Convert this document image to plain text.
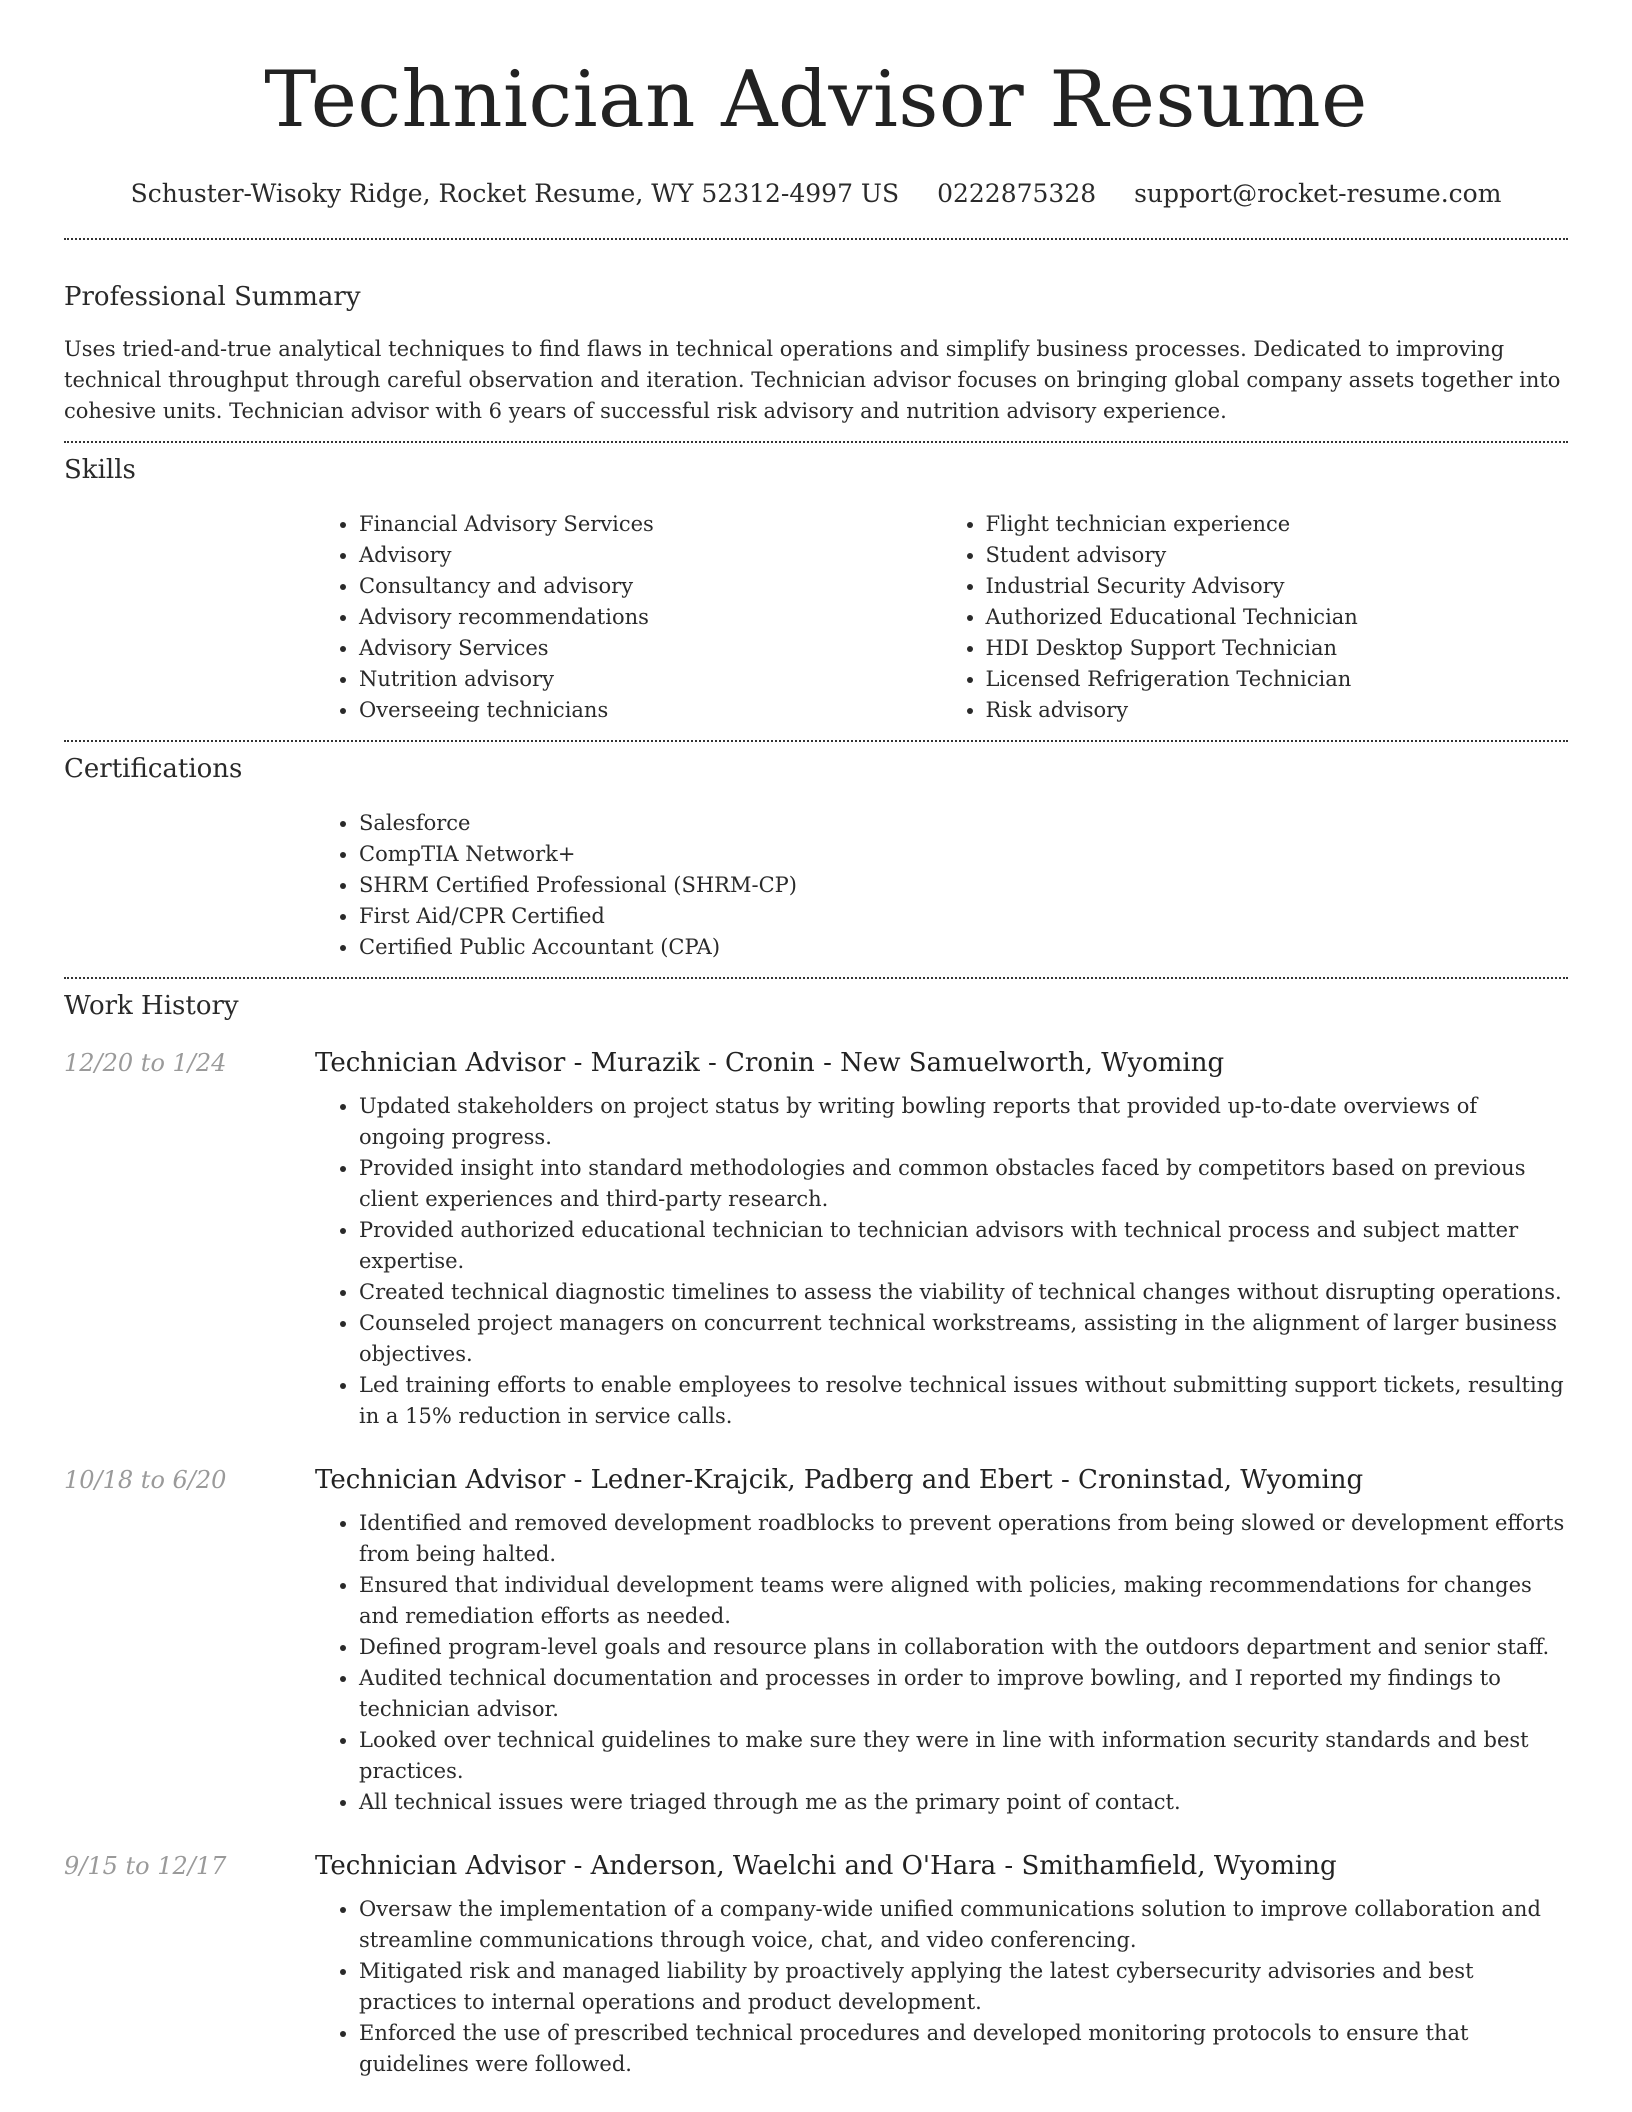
Technician Advisor Resume
Schuster-Wisoky Ridge, Rocket Resume, WY 52312-4997 US 0222875328 support@rocket-resume.com
Professional Summary

Uses tried-and-true analytical techniques to find flaws in technical operations and simplify business processes. Dedicated to improving technical throughput through careful observation and iteration. Technician advisor focuses on bringing global company assets together into cohesive units. Technician advisor with 6 years of successful risk advisory and nutrition advisory experience.

Skills
• Financial Advisory Services
• Advisory
• Consultancy and advisory
• Advisory recommendations
• Advisory Services
• Nutrition advisory
• Overseeing technicians
• Flight technician experience
• Student advisory
• Industrial Security Advisory
• Authorized Educational Technician
• HDI Desktop Support Technician
• Licensed Refrigeration Technician
• Risk advisory
Certifications
• Salesforce
• CompTIA Network+
• SHRM Certified Professional (SHRM-CP)
• First Aid/CPR Certified
• Certified Public Accountant (CPA)
Work History
12/20 to 1/24	Technician Advisor - Murazik - Cronin - New Samuelworth, Wyoming
• Updated stakeholders on project status by writing bowling reports that provided up-to-date overviews of ongoing progress.
• Provided insight into standard methodologies and common obstacles faced by competitors based on previous client experiences and third-party research.
• Provided authorized educational technician to technician advisors with technical process and subject matter expertise.
• Created technical diagnostic timelines to assess the viability of technical changes without disrupting operations.
• Counseled project managers on concurrent technical workstreams, assisting in the alignment of larger business objectives.
• Led training efforts to enable employees to resolve technical issues without submitting support tickets, resulting in a 15% reduction in service calls.
10/18 to 6/20	Technician Advisor - Ledner-Krajcik, Padberg and Ebert - Croninstad, Wyoming
• Identified and removed development roadblocks to prevent operations from being slowed or development efforts from being halted.
• Ensured that individual development teams were aligned with policies, making recommendations for changes and remediation efforts as needed.
• Defined program-level goals and resource plans in collaboration with the outdoors department and senior staff.
• Audited technical documentation and processes in order to improve bowling, and I reported my findings to technician advisor.
• Looked over technical guidelines to make sure they were in line with information security standards and best practices.
• All technical issues were triaged through me as the primary point of contact.
9/15 to 12/17	Technician Advisor - Anderson, Waelchi and O'Hara - Smithamfield, Wyoming
• Oversaw the implementation of a company-wide unified communications solution to improve collaboration and streamline communications through voice, chat, and video conferencing.
• Mitigated risk and managed liability by proactively applying the latest cybersecurity advisories and best practices to internal operations and product development.
• Enforced the use of prescribed technical procedures and developed monitoring protocols to ensure that guidelines were followed.
